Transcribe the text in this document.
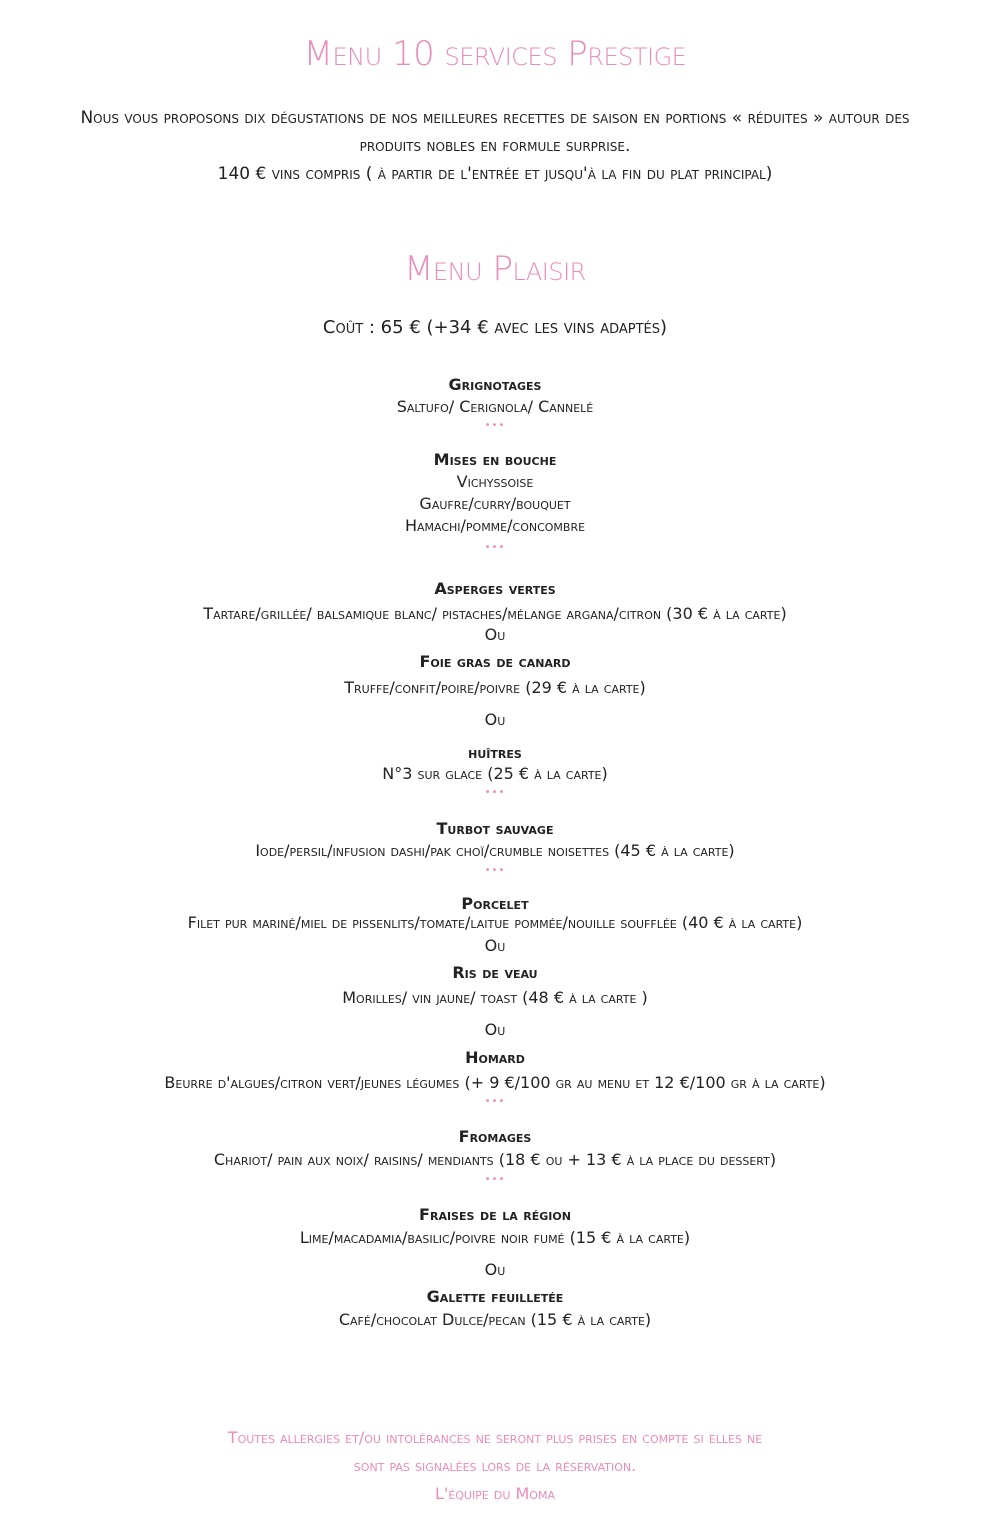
Menu 10 services Prestige
Nous vous proposons dix dégustations de nos meilleures recettes de saison en portions « réduites » autour des
produits nobles en formule surprise.
140 € vins compris ( à partir de l'entrée et jusqu'à la fin du plat principal)
Menu Plaisir
Coût : 65 € (+34 € avec les vins adaptés)
Grignotages
Saltufo/ Cerignola/ Cannelé
•••
Mises en bouche
Vichyssoise
Gaufre/curry/bouquet
Hamachi/pomme/concombre
•••
Asperges vertes
Tartare/grillée/ balsamique blanc/ pistaches/mélange argana/citron (30 € à la carte)
Ou
Foie gras de canard
Truffe/confit/poire/poivre (29 € à la carte)
Ou
huîtres
N°3 sur glace (25 € à la carte)
•••
Turbot sauvage
Iode/persil/infusion dashi/pak choï/crumble noisettes (45 € à la carte)
•••
Porcelet
Filet pur mariné/miel de pissenlits/tomate/laitue pommée/nouille soufflée (40 € à la carte)
Ou
Ris de veau
Morilles/ vin jaune/ toast (48 € à la carte )
Ou
Homard
Beurre d'algues/citron vert/jeunes légumes (+ 9 €/100 gr au menu et 12 €/100 gr à la carte)
•••
Fromages
Chariot/ pain aux noix/ raisins/ mendiants (18 € ou + 13 € à la place du dessert)
•••
Fraises de la région
Lime/macadamia/basilic/poivre noir fumé (15 € à la carte)
Ou
Galette feuilletée
Café/chocolat Dulce/pecan (15 € à la carte)
Toutes allergies et/ou intolérances ne seront plus prises en compte si elles ne
sont pas signalées lors de la réservation.
L'équipe du Moma
